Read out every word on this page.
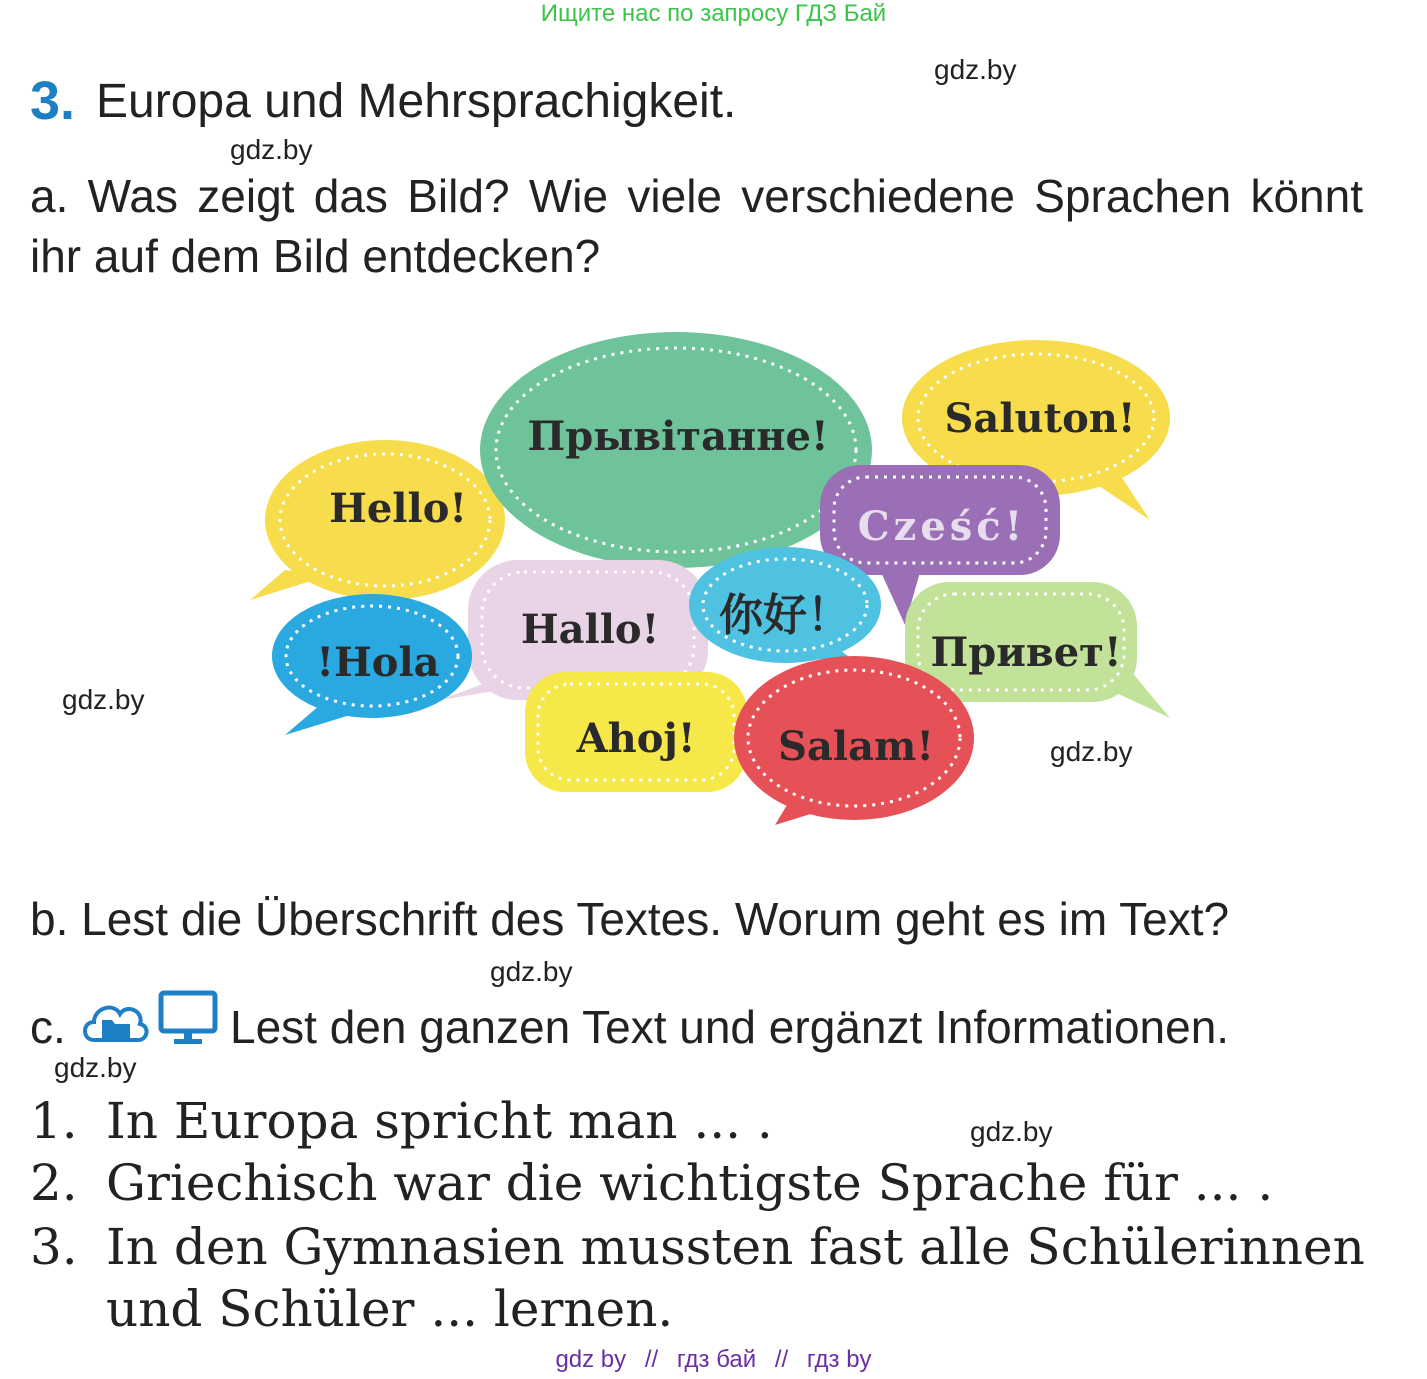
Ищите нас по запросу ГДЗ Бай
gdz.by
gdz.by
gdz.by
gdz.by
gdz.by
gdz.by
gdz.by
3. Europa und Mehrsprachigkeit.
a. Was zeigt das Bild? Wie viele verschiedene Sprachen könnt ihr auf dem Bild entdecken?
Hello!
Прывітанне!	Saluton!
Cześć!
Hallo! 你好！
Привет!
!Hola
Ahoj! Salam!
b. Lest die Überschrift des Textes. Worum geht es im Text?
c.	Lest den ganzen Text und ergänzt Informationen.
1. In Europa spricht man ... .
2. Griechisch war die wichtigste Sprache für ... .
3. In den Gymnasien mussten fast alle Schülerinnen
und Schüler ... lernen.
gdz by // гдз бай // гдз by
